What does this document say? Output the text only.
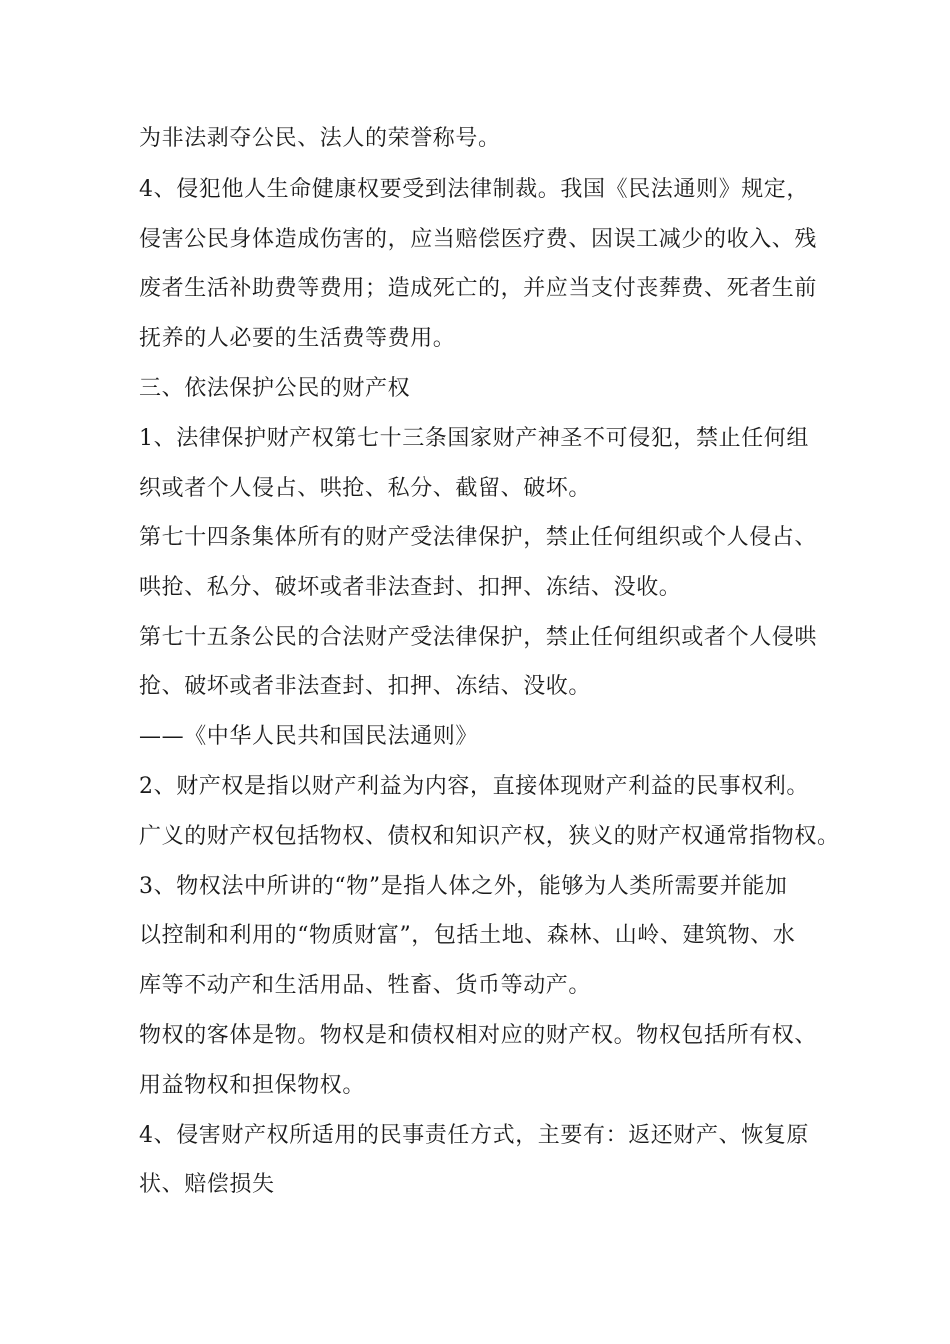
为非法剥夺公民、法人的荣誉称号。
4、侵犯他人生命健康权要受到法律制裁。我国《民法通则》规定，
侵害公民身体造成伤害的，应当赔偿医疗费、因误工减少的收入、残
废者生活补助费等费用；造成死亡的，并应当支付丧葬费、死者生前
抚养的人必要的生活费等费用。
三、依法保护公民的财产权
1、法律保护财产权第七十三条国家财产神圣不可侵犯，禁止任何组
织或者个人侵占、哄抢、私分、截留、破坏。
第七十四条集体所有的财产受法律保护，禁止任何组织或个人侵占、
哄抢、私分、破坏或者非法查封、扣押、冻结、没收。
第七十五条公民的合法财产受法律保护，禁止任何组织或者个人侵哄
抢、破坏或者非法查封、扣押、冻结、没收。
——《中华人民共和国民法通则》
2、财产权是指以财产利益为内容，直接体现财产利益的民事权利。
广义的财产权包括物权、债权和知识产权，狭义的财产权通常指物权。
3、物权法中所讲的“物”是指人体之外，能够为人类所需要并能加
以控制和利用的“物质财富”，包括土地、森林、山岭、建筑物、水
库等不动产和生活用品、牲畜、货币等动产。
物权的客体是物。物权是和债权相对应的财产权。物权包括所有权、
用益物权和担保物权。
4、侵害财产权所适用的民事责任方式，主要有：返还财产、恢复原
状、赔偿损失
